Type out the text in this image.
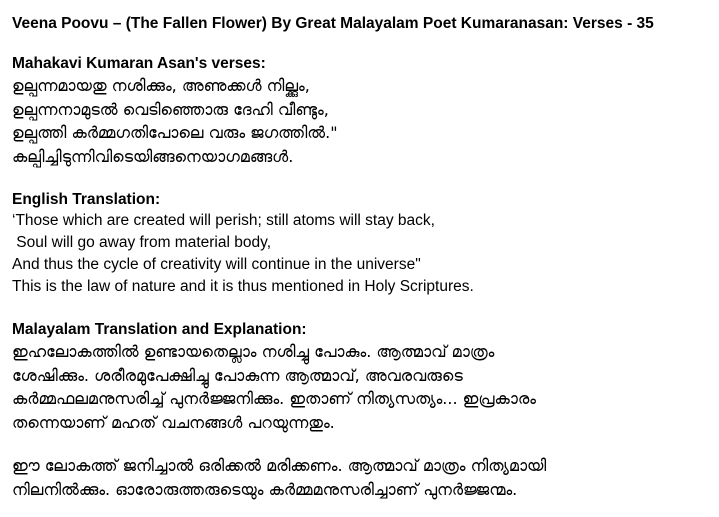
Veena Poovu – (The Fallen Flower) By Great Malayalam Poet Kumaranasan: Verses - 35
Mahakavi Kumaran Asan's verses:
ഉല്പന്നമായതു നശിക്കും, അണുക്കൾ നില്ക്കും,
ഉല്പന്നനാമുടൽ വെടിഞ്ഞൊരു ദേഹി വീണ്ടും,
ഉല്പത്തി കർമ്മഗതിപോലെ വരും ജഗത്തിൽ."
കല്പിച്ചിടുന്നിവിടെയിങ്ങനെയാഗമങ്ങൾ.
English Translation:
‘Those which are created will perish; still atoms will stay back,
Soul will go away from material body,
And thus the cycle of creativity will continue in the universe"
This is the law of nature and it is thus mentioned in Holy Scriptures.
Malayalam Translation and Explanation:
ഇഹലോകത്തിൽ ഉണ്ടായതെല്ലാം നശിച്ചു പോകും. ആത്മാവ് മാത്രം
ശേഷിക്കും. ശരീരമുപേക്ഷിച്ചു പോകുന്ന ആത്മാവ്, അവരവരുടെ
കർമ്മഫലമനുസരിച്ച് പുനർജ്ജനിക്കും. ഇതാണ് നിത്യസത്യം... ഇപ്രകാരം
തന്നെയാണ് മഹത് വചനങ്ങൾ പറയുന്നതും.
ഈ ലോകത്ത് ജനിച്ചാൽ ഒരിക്കൽ മരിക്കണം. ആത്മാവ് മാത്രം നിത്യമായി
നിലനിൽക്കും. ഓരോരുത്തരുടെയും കർമ്മമനുസരിച്ചാണ് പുനർജ്ജന്മം.
